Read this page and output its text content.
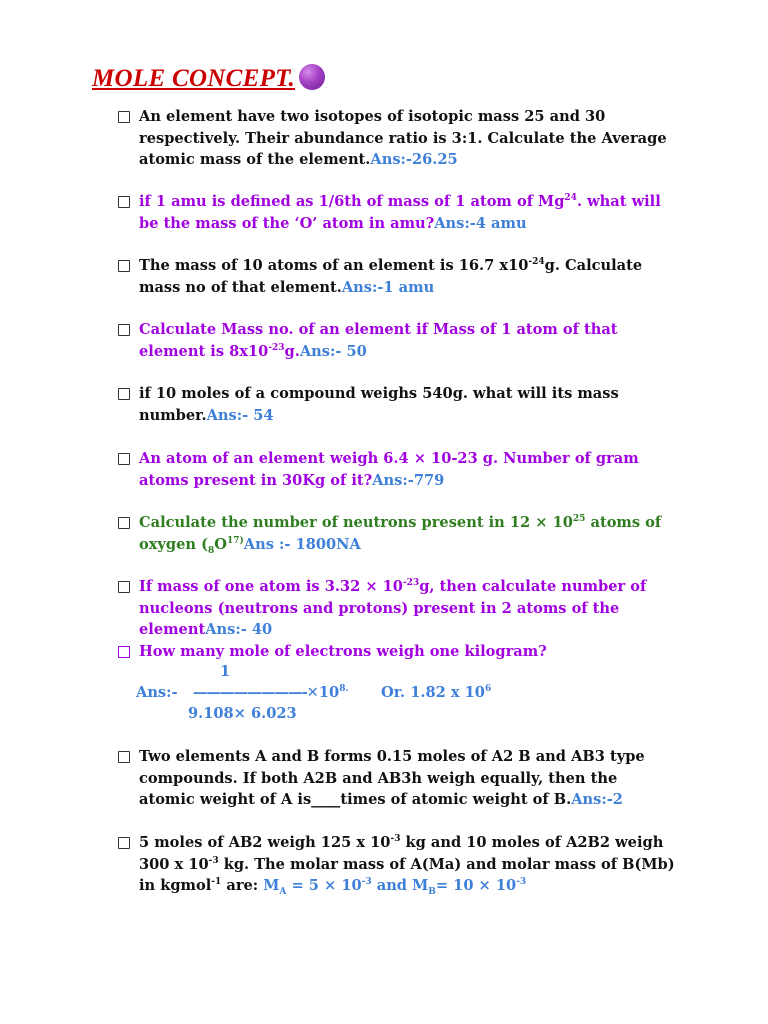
MOLE CONCEPT.
An element have two isotopes of isotopic mass 25 and 30 respectively. Their abundance ratio is 3:1. Calculate the Average atomic mass of the element.Ans:-26.25
if 1 amu is defined as 1/6th of mass of 1 atom of Mg$^{24}$. what will be the mass of the ‘O’ atom in amu?Ans:-4 amu
The mass of 10 atoms of an element is 16.7 $x10^{-24}g$. Calculate mass no of that element.Ans:-1 amu
Calculate Mass no. of an element if Mass of 1 atom of that element is $8x10^{-23}g.Ans:-$ 50
if 10 moles of a compound weighs 540g. what will its mass number.Ans:- 54
An atom of an element weigh 6.4 × 10-23 g. Number of gram atoms present in 30Kg of it?Ans:-779
Calculate the number of neutrons present in $12 \times 10^{25}$ atoms of oxygen ($_8O^{17)}Ans$ :- 1800NA
If mass of one atom is $3.32 \times 10^{-23}g$, then calculate number of nucleons (neutrons and protons) present in 2 atoms of the elementAns:- 40
How many mole of electrons weigh one kilogram?
1
Ans:- $————————-✕10^{8.}$ Or. 1.82 x $10^6$
9.108× 6.023
Two elements A and B forms 0.15 moles of A2 B and AB3 type compounds. If both A2B and AB3h weigh equally, then the atomic weight of A is____times of atomic weight of B.Ans:-2
5 moles of AB2 weigh 125 x $10^{-3}$ kg and 10 moles of A2B2 weigh 300 x $10^{-3}$ kg. The molar mass of A(Ma) and molar mass of B(Mb) in kgmol$^{-1}$ are: $M_A = 5 \times 10^{-3}$ and $M_B= 10 \times 10^{-3}$
